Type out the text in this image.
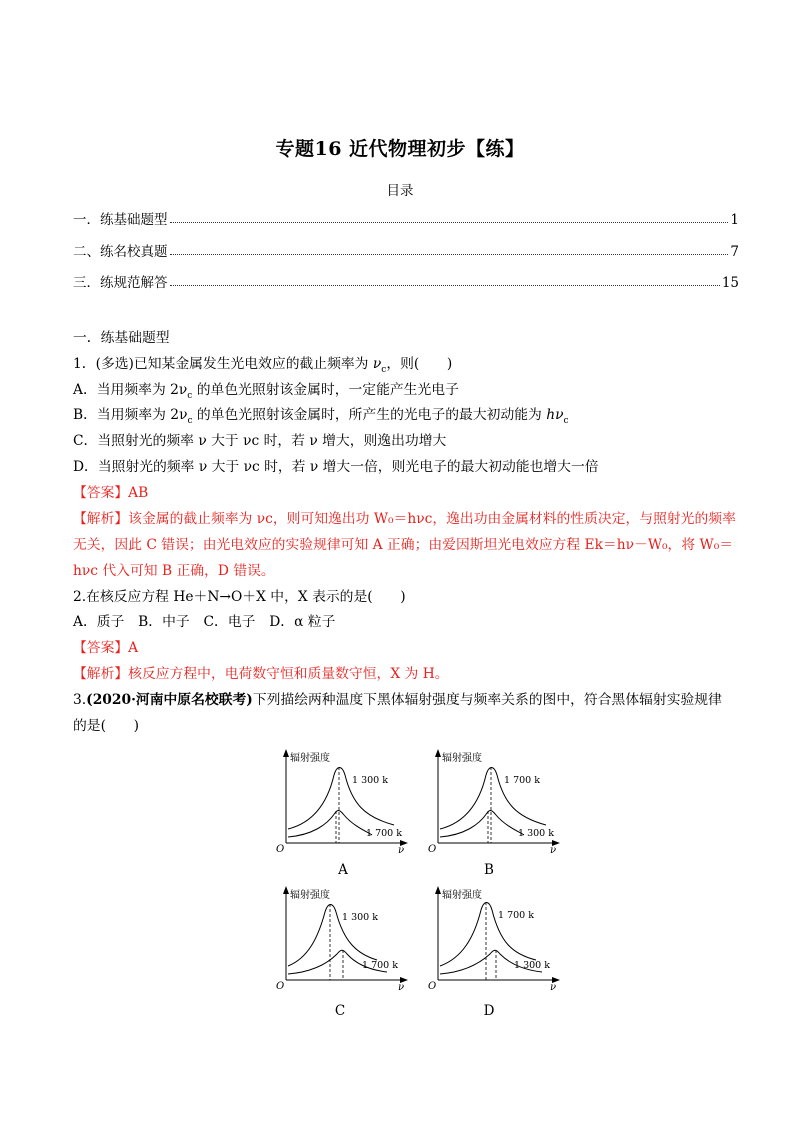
专题16 近代物理初步【练】
目录
一．练基础题型	1
二、练名校真题	7
三．练规范解答	15
一．练基础题型
1．(多选)已知某金属发生光电效应的截止频率为 $\nu_c$，则(　　)
A．当用频率为 $2\nu_c$ 的单色光照射该金属时，一定能产生光电子
B．当用频率为 $2\nu_c$ 的单色光照射该金属时，所产生的光电子的最大初动能为 $h\nu_c$
C．当照射光的频率 ν 大于 νc 时，若 ν 增大，则逸出功增大
D．当照射光的频率 ν 大于 νc 时，若 ν 增大一倍，则光电子的最大初动能也增大一倍
【答案】AB
【解析】该金属的截止频率为 νc，则可知逸出功 W₀＝hνc，逸出功由金属材料的性质决定，与照射光的频率
无关，因此 C 错误；由光电效应的实验规律可知 A 正确；由爱因斯坦光电效应方程 Ek＝hν－W₀，将 W₀＝
hνc 代入可知 B 正确，D 错误。
2.在核反应方程 He＋N→O＋X 中，X 表示的是(　　)
A．质子　B．中子　C．电子　D．α 粒子
【答案】A
【解析】核反应方程中，电荷数守恒和质量数守恒，X 为 H。
3.(2020·河南中原名校联考)下列描绘两种温度下黑体辐射强度与频率关系的图中，符合黑体辐射实验规律
的是(　　)
辐射强度
1 300 k
1 700 k
O	ν
A
辐射强度
1 700 k
1 300 k
O	ν
B
辐射强度
1 300 k
1 700 k
O	ν
C
辐射强度
1 700 k
1 300 k
O	ν
D
